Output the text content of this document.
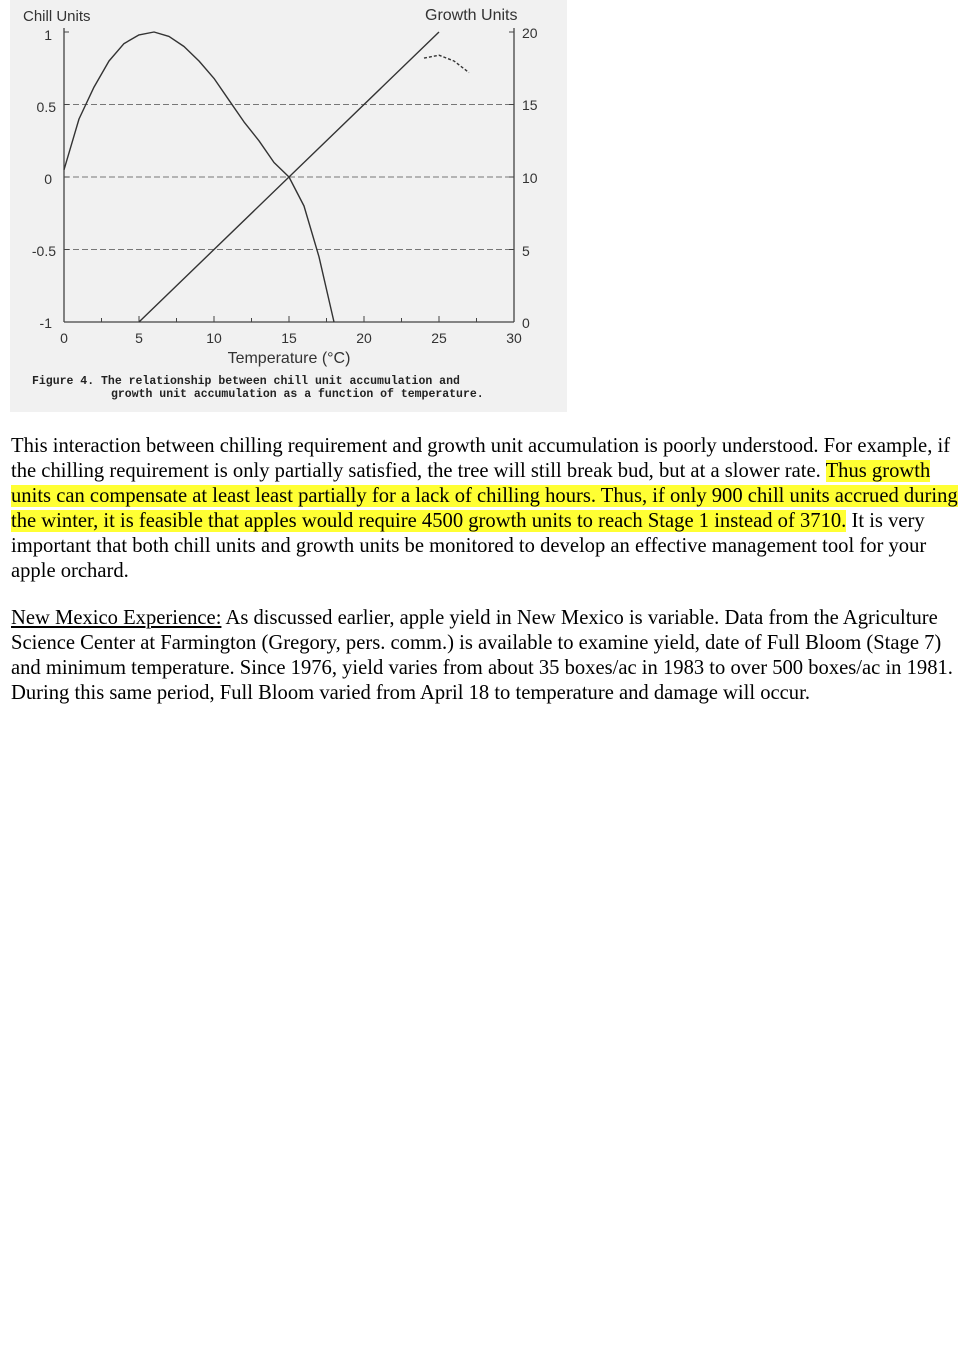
Chill Units	Growth Units
1
0.5
0
-0.5
-1
20
15
10
5
0
0	5	10	15	20	25	30
Temperature (°C)
Figure 4. The relationship between chill unit accumulation and
growth unit accumulation as a function of temperature.

This interaction between chilling requirement and growth unit accumulation is poorly understood. For example, if the chilling requirement is only partially satisfied, the tree will still break bud, but at a slower rate. Thus growth units can compensate at least least partially for a lack of chilling hours. Thus, if only 900 chill units accrued during the winter, it is feasible that apples would require 4500 growth units to reach Stage 1 instead of 3710. It is very important that both chill units and growth units be monitored to develop an effective management tool for your apple orchard.

New Mexico Experience: As discussed earlier, apple yield in New Mexico is variable. Data from the Agriculture Science Center at Farmington (Gregory, pers. comm.) is available to examine yield, date of Full Bloom (Stage 7) and minimum temperature. Since 1976, yield varies from about 35 boxes/ac in 1983 to over 500 boxes/ac in 1981. During this same period, Full Bloom varied from April 18 to temperature and damage will occur.
